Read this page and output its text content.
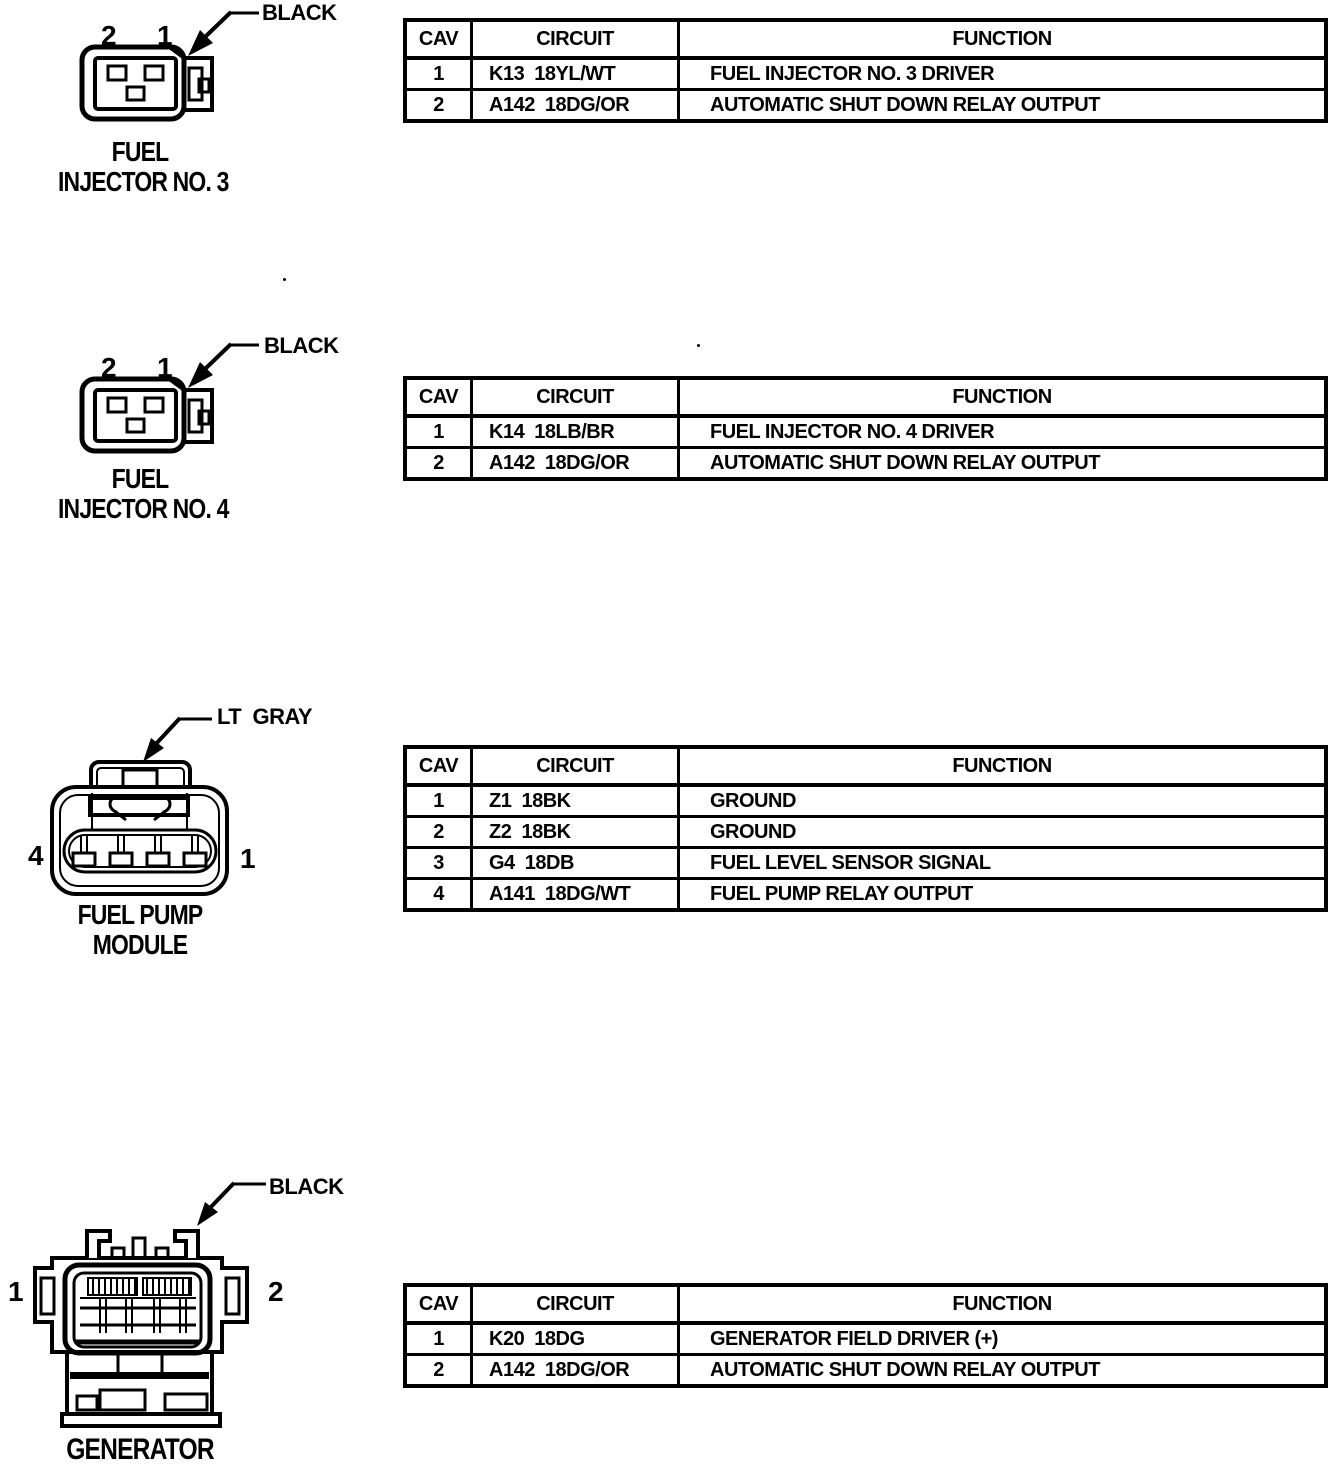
2 1
BLACK
FUEL
INJECTOR NO. 3
CAV	CIRCUIT	FUNCTION
1	K13  18YL/WT	FUEL INJECTOR NO. 3 DRIVER
2	A142  18DG/OR	AUTOMATIC SHUT DOWN RELAY OUTPUT
2 1
BLACK
FUEL
INJECTOR NO. 4
CAV	CIRCUIT	FUNCTION
1	K14  18LB/BR	FUEL INJECTOR NO. 4 DRIVER
2	A142  18DG/OR	AUTOMATIC SHUT DOWN RELAY OUTPUT
4	1
LT  GRAY
FUEL PUMP
MODULE
CAV	CIRCUIT	FUNCTION
1	Z1  18BK	GROUND
2	Z2  18BK	GROUND
3	G4  18DB	FUEL LEVEL SENSOR SIGNAL
4	A141  18DG/WT	FUEL PUMP RELAY OUTPUT
1	2
BLACK
GENERATOR
CAV	CIRCUIT	FUNCTION
1	K20  18DG	GENERATOR FIELD DRIVER (+)
2	A142  18DG/OR	AUTOMATIC SHUT DOWN RELAY OUTPUT
